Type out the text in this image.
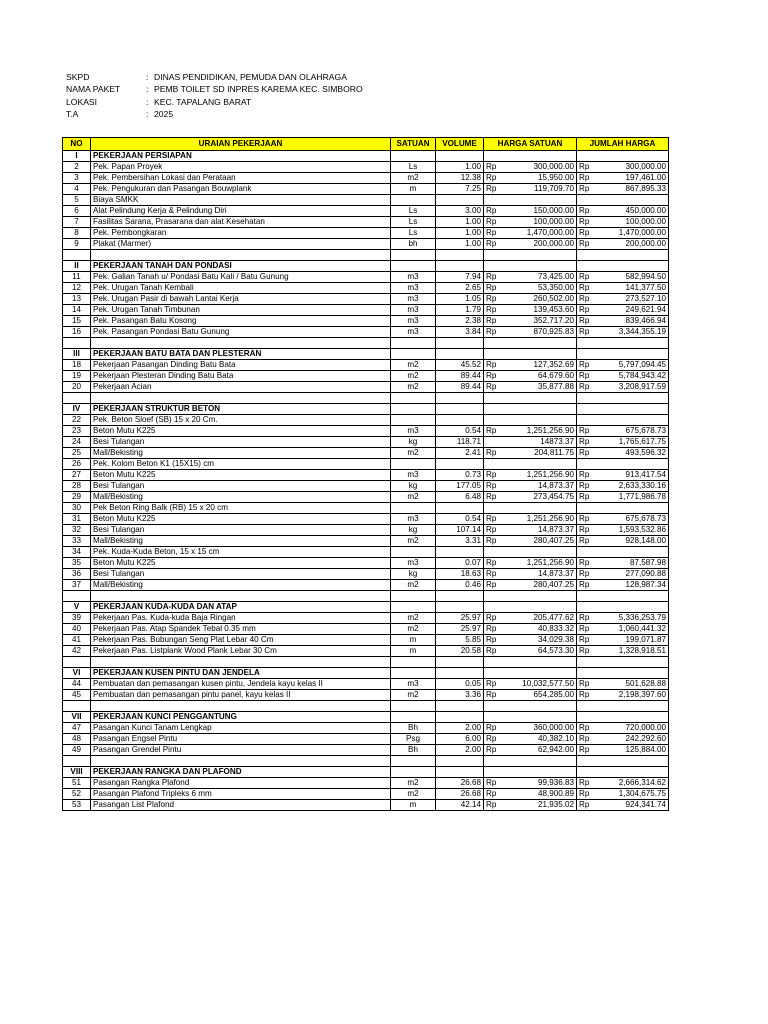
SKPD	: DINAS PENDIDIKAN, PEMUDA DAN OLAHRAGA
NAMA PAKET	: PEMB TOILET SD INPRES KAREMA KEC. SIMBORO
LOKASI	: KEC. TAPALANG BARAT
T.A	: 2025
NO	URAIAN PEKERJAAN	SATUAN	VOLUME	HARGA SATUAN		JUMLAH HARGA	
I	PEKERJAAN PERSIAPAN						
2	Pek. Papan Proyek	Ls	1.00	Rp	300,000.00	Rp	300,000.00
3	Pek. Pembersihan Lokasi dan Perataan	m2	12.38	Rp	15,950.00	Rp	197,461.00
4	Pek. Pengukuran dan Pasangan Bouwplank	m	7.25	Rp	119,709.70	Rp	867,895.33
5	Biaya SMKK						
6	Alat Pelindung Kerja & Pelindung Diri	Ls	3.00	Rp	150,000.00	Rp	450,000.00
7	Fasilitas Sarana, Prasarana dan alat Kesehatan	Ls	1.00	Rp	100,000.00	Rp	100,000.00
8	Pek. Pembongkaran	Ls	1.00	Rp	1,470,000.00	Rp	1,470,000.00
9	Plakat (Marmer)	bh	1.00	Rp	200,000.00	Rp	200,000.00

II	PEKERJAAN TANAH DAN PONDASI						
11	Pek. Galian Tanah u/ Pondasi Batu Kali / Batu Gunung	m3	7.94	Rp	73,425.00	Rp	582,994.50
12	Pek. Urugan Tanah Kembali	m3	2.65	Rp	53,350.00	Rp	141,377.50
13	Pek. Urugan Pasir di bawah Lantai Kerja	m3	1.05	Rp	260,502.00	Rp	273,527.10
14	Pek. Urugan Tanah Timbunan	m3	1.79	Rp	139,453.60	Rp	249,621.94
15	Pek. Pasangan Batu Kosong	m3	2.38	Rp	352,717.20	Rp	839,466.94
16	Pek. Pasangan Pondasi Batu Gunung	m3	3.84	Rp	870,925.83	Rp	3,344,355.19

III	PEKERJAAN BATU BATA DAN PLESTERAN						
18	Pekerjaan Pasangan Dinding Batu Bata	m2	45.52	Rp	127,352.69	Rp	5,797,094.45
19	Pekerjaan Plesteran Dinding Batu Bata	m2	89.44	Rp	64,679.60	Rp	5,784,943.42
20	Pekerjaan Acian	m2	89.44	Rp	35,877.88	Rp	3,208,917.59

IV	PEKERJAAN STRUKTUR BETON						
22	Pek. Beton Sloef (SB) 15 x 20 Cm.						
23	Beton Mutu K225	m3	0.54	Rp	1,251,256.90	Rp	675,678.73
24	Besi Tulangan	kg	118.71		14873.37	Rp	1,765,617.75
25	Mall/Bekisting	m2	2.41	Rp	204,811.75	Rp	493,596.32
26	Pek. Kolom Beton K1 (15X15) cm						
27	Beton Mutu K225	m3	0.73	Rp	1,251,256.90	Rp	913,417.54
28	Besi Tulangan	kg	177.05	Rp	14,873.37	Rp	2,633,330.16
29	Mall/Bekisting	m2	6.48	Rp	273,454.75	Rp	1,771,986.78
30	Pek Beton Ring Balk (RB) 15 x 20 cm						
31	Beton Mutu K225	m3	0.54	Rp	1,251,256.90	Rp	675,678.73
32	Besi Tulangan	kg	107.14	Rp	14,873.37	Rp	1,593,532.86
33	Mall/Bekisting	m2	3.31	Rp	280,407.25	Rp	928,148.00
34	Pek. Kuda-Kuda Beton, 15 x 15 cm						
35	Beton Mutu K225	m3	0.07	Rp	1,251,256.90	Rp	87,587.98
36	Besi Tulangan	kg	18.63	Rp	14,873.37	Rp	277,090.88
37	Mall/Bekisting	m2	0.46	Rp	280,407.25	Rp	128,987.34

V	PEKERJAAN KUDA-KUDA DAN ATAP						
39	Pekerjaan Pas. Kuda-kuda Baja Ringan	m2	25.97	Rp	205,477.62	Rp	5,336,253.79
40	Pekerjaan Pas. Atap Spandek Tebal 0.35 mm	m2	25.97	Rp	40,833.32	Rp	1,060,441.32
41	Pekerjaan Pas. Bubungan Seng Plat Lebar 40 Cm	m	5.85	Rp	34,029.38	Rp	199,071.87
42	Pekerjaan Pas. Listplank Wood Plank Lebar 30 Cm	m	20.58	Rp	64,573.30	Rp	1,328,918.51

VI	PEKERJAAN KUSEN PINTU DAN JENDELA						
44	Pembuatan dan pemasangan kusen pintu, Jendela kayu kelas II	m3	0.05	Rp	10,032,577.50	Rp	501,628.88
45	Pembuatan dan pemasangan pintu panel, kayu kelas II	m2	3.36	Rp	654,285.00	Rp	2,198,397.60

VII	PEKERJAAN KUNCI PENGGANTUNG						
47	Pasangan Kunci Tanam Lengkap	Bh	2.00	Rp	360,000.00	Rp	720,000.00
48	Pasangan Engsel Pintu	Psg	6.00	Rp	40,382.10	Rp	242,292.60
49	Pasangan Grendel Pintu	Bh	2.00	Rp	62,942.00	Rp	125,884.00

VIII	PEKERJAAN RANGKA DAN PLAFOND						
51	Pasangan Rangka Plafond	m2	26.68	Rp	99,936.83	Rp	2,666,314.62
52	Pasangan Plafond Tripleks 6 mm	m2	26.68	Rp	48,900.89	Rp	1,304,675.75
53	Pasangan List Plafond	m	42.14	Rp	21,935.02	Rp	924,341.74
